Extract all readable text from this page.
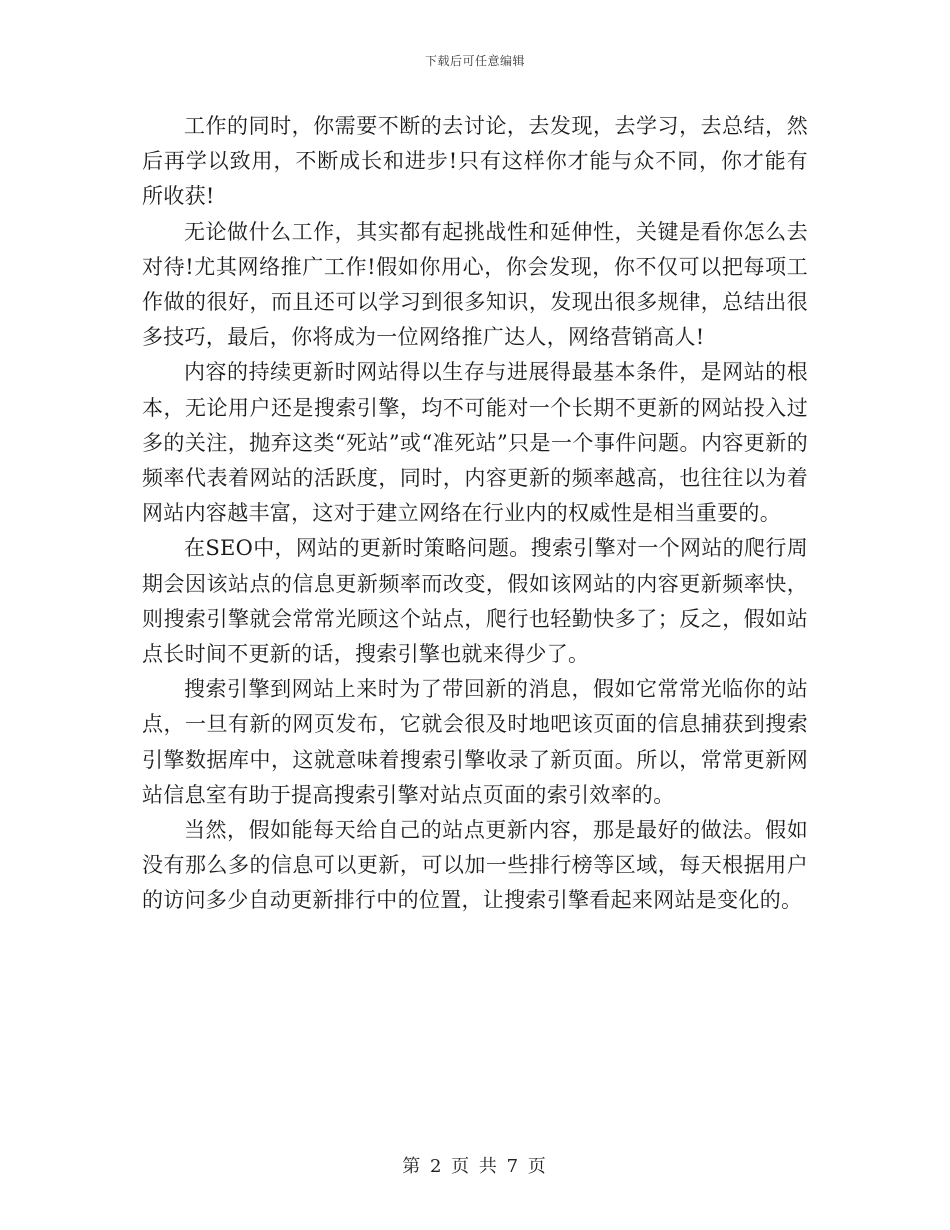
下载后可任意编辑

工作的同时，你需要不断的去讨论，去发现，去学习，去总结，然后再学以致用，不断成长和进步!只有这样你才能与众不同，你才能有所收获!

无论做什么工作，其实都有起挑战性和延伸性，关键是看你怎么去对待!尤其网络推广工作!假如你用心，你会发现，你不仅可以把每项工作做的很好，而且还可以学习到很多知识，发现出很多规律，总结出很多技巧，最后，你将成为一位网络推广达人，网络营销高人!

内容的持续更新时网站得以生存与进展得最基本条件，是网站的根本，无论用户还是搜索引擎，均不可能对一个长期不更新的网站投入过多的关注，抛弃这类“死站”或“准死站”只是一个事件问题。内容更新的频率代表着网站的活跃度，同时，内容更新的频率越高，也往往以为着网站内容越丰富，这对于建立网络在行业内的权威性是相当重要的。

在SEO中，网站的更新时策略问题。搜索引擎对一个网站的爬行周期会因该站点的信息更新频率而改变，假如该网站的内容更新频率快，则搜索引擎就会常常光顾这个站点，爬行也轻勤快多了；反之，假如站点长时间不更新的话，搜索引擎也就来得少了。

搜索引擎到网站上来时为了带回新的消息，假如它常常光临你的站点，一旦有新的网页发布，它就会很及时地吧该页面的信息捕获到搜索引擎数据库中，这就意味着搜索引擎收录了新页面。所以，常常更新网站信息室有助于提高搜索引擎对站点页面的索引效率的。

当然，假如能每天给自己的站点更新内容，那是最好的做法。假如没有那么多的信息可以更新，可以加一些排行榜等区域，每天根据用户的访问多少自动更新排行中的位置，让搜索引擎看起来网站是变化的。

第 2 页 共 7 页
